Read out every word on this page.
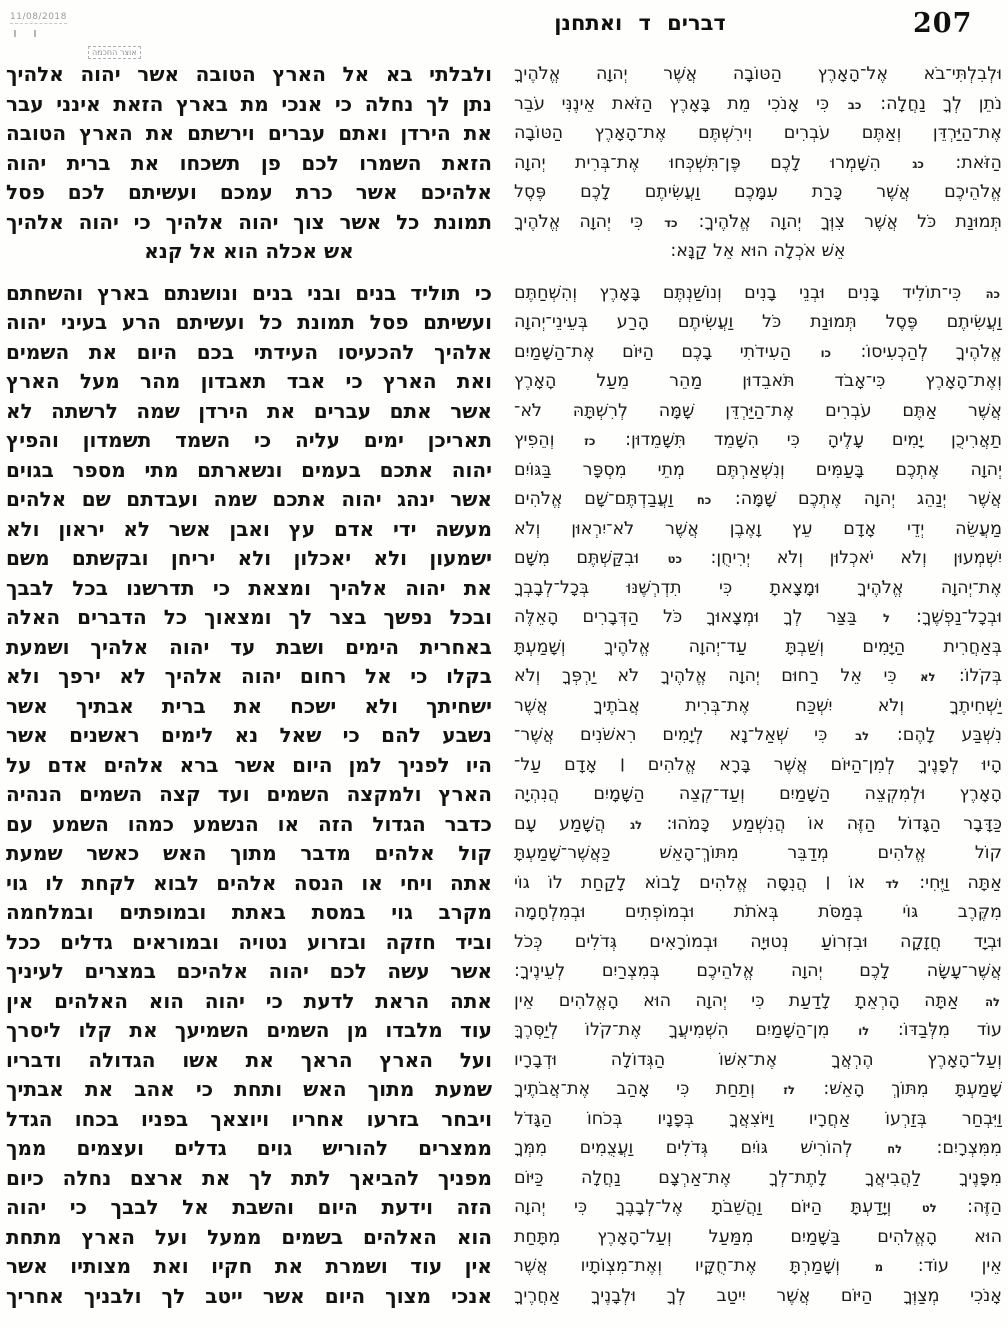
11/08/2018
אוצר החכמה
דברים ד ואתחנן	207
ולבלתי בא אל הארץ הטובה אשר יהוה אלהיך
נתן לך נחלה כי אנכי מת בארץ הזאת אינני עבר
את הירדן ואתם עברים וירשתם את הארץ הטובה
הזאת השמרו לכם פן תשכחו את ברית יהוה
אלהיכם אשר כרת עמכם ועשיתם לכם פסל
תמונת כל אשר צוך יהוה אלהיך כי יהוה אלהיך
אש אכלה הוא אל קנא
כי תוליד בנים ובני בנים ונושנתם בארץ והשחתם
ועשיתם פסל תמונת כל ועשיתם הרע בעיני יהוה
אלהיך להכעיסו העידתי בכם היום את השמים
ואת הארץ כי אבד תאבדון מהר מעל הארץ
אשר אתם עברים את הירדן שמה לרשתה לא
תאריכן ימים עליה כי השמד תשמדון והפיץ
יהוה אתכם בעמים ונשארתם מתי מספר בגוים
אשר ינהג יהוה אתכם שמה ועבדתם שם אלהים
מעשה ידי אדם עץ ואבן אשר לא יראון ולא
ישמעון ולא יאכלון ולא יריחן ובקשתם משם
את יהוה אלהיך ומצאת כי תדרשנו בכל לבבך
ובכל נפשך בצר לך ומצאוך כל הדברים האלה
באחרית הימים ושבת עד יהוה אלהיך ושמעת
בקלו כי אל רחום יהוה אלהיך לא ירפך ולא
ישחיתך ולא ישכח את ברית אבתיך אשר
נשבע להם כי שאל נא לימים ראשנים אשר
היו לפניך למן היום אשר ברא אלהים אדם על
הארץ ולמקצה השמים ועד קצה השמים הנהיה
כדבר הגדול הזה או הנשמע כמהו השמע עם
קול אלהים מדבר מתוך האש כאשר שמעת
אתה ויחי או הנסה אלהים לבוא לקחת לו גוי
מקרב גוי במסת באתת ובמופתים ובמלחמה
וביד חזקה ובזרוע נטויה ובמוראים גדלים ככל
אשר עשה לכם יהוה אלהיכם במצרים לעיניך
אתה הראת לדעת כי יהוה הוא האלהים אין
עוד מלבדו מן השמים השמיעך את קלו ליסרך
ועל הארץ הראך את אשו הגדולה ודבריו
שמעת מתוך האש ותחת כי אהב את אבתיך
ויבחר בזרעו אחריו ויוצאך בפניו בכחו הגדל
ממצרים להוריש גוים גדלים ועצמים ממך
מפניך להביאך לתת לך את ארצם נחלה כיום
הזה וידעת היום והשבת אל לבבך כי יהוה
הוא האלהים בשמים ממעל ועל הארץ מתחת
אין עוד ושמרת את חקיו ואת מצותיו אשר
אנכי מצוך היום אשר ייטב לך ולבניך אחריך
וּלְבִלְתִּי־בֹא אֶל־הָאָרֶץ הַטּוֹבָה אֲשֶׁר יְהוָה אֱלֹהֶיךָ
נֹתֵן לְךָ נַחֲלָה: כב כִּי אָנֹכִי מֵת בָּאָרֶץ הַזֹּאת אֵינֶנִּי עֹבֵר
אֶת־הַיַּרְדֵּן וְאַתֶּם עֹבְרִים וִירִשְׁתֶּם אֶת־הָאָרֶץ הַטּוֹבָה
הַזֹּאת: כג הִשָּׁמְרוּ לָכֶם פֶּן־תִּשְׁכְּחוּ אֶת־בְּרִית יְהוָה
אֱלֹהֵיכֶם אֲשֶׁר כָּרַת עִמָּכֶם וַעֲשִׂיתֶם לָכֶם פֶּסֶל
תְּמוּנַת כֹּל אֲשֶׁר צִוְּךָ יְהוָה אֱלֹהֶיךָ: כד כִּי יְהוָה אֱלֹהֶיךָ
אֵשׁ אֹכְלָה הוּא אֵל קַנָּא:
כה כִּי־תוֹלִיד בָּנִים וּבְנֵי בָנִים וְנוֹשַׁנְתֶּם בָּאָרֶץ וְהִשְׁחַתֶּם
וַעֲשִׂיתֶם פֶּסֶל תְּמוּנַת כֹּל וַעֲשִׂיתֶם הָרַע בְּעֵינֵי־יְהוָה
אֱלֹהֶיךָ לְהַכְעִיסוֹ: כו הַעִידֹתִי בָכֶם הַיּוֹם אֶת־הַשָּׁמַיִם
וְאֶת־הָאָרֶץ כִּי־אָבֹד תֹּאבֵדוּן מַהֵר מֵעַל הָאָרֶץ
אֲשֶׁר אַתֶּם עֹבְרִים אֶת־הַיַּרְדֵּן שָׁמָּה לְרִשְׁתָּהּ לֹא־
תַאֲרִיכֻן יָמִים עָלֶיהָ כִּי הִשָּׁמֵד תִּשָּׁמֵדוּן: כז וְהֵפִיץ
יְהוָה אֶתְכֶם בָּעַמִּים וְנִשְׁאַרְתֶּם מְתֵי מִסְפָּר בַּגּוֹיִם
אֲשֶׁר יְנַהֵג יְהוָה אֶתְכֶם שָׁמָּה: כח וַעֲבַדְתֶּם־שָׁם אֱלֹהִים
מַעֲשֵׂה יְדֵי אָדָם עֵץ וָאֶבֶן אֲשֶׁר לֹא־יִרְאוּן וְלֹא
יִשְׁמְעוּן וְלֹא יֹאכְלוּן וְלֹא יְרִיחֻן: כט וּבִקַּשְׁתֶּם מִשָּׁם
אֶת־יְהוָה אֱלֹהֶיךָ וּמָצָאתָ כִּי תִדְרְשֶׁנּוּ בְּכָל־לְבָבְךָ
וּבְכָל־נַפְשֶׁךָ: ל בַּצַּר לְךָ וּמְצָאוּךָ כֹּל הַדְּבָרִים הָאֵלֶּה
בְּאַחֲרִית הַיָּמִים וְשַׁבְתָּ עַד־יְהוָה אֱלֹהֶיךָ וְשָׁמַעְתָּ
בְּקֹלוֹ: לא כִּי אֵל רַחוּם יְהוָה אֱלֹהֶיךָ לֹא יַרְפְּךָ וְלֹא
יַשְׁחִיתֶךָ וְלֹא יִשְׁכַּח אֶת־בְּרִית אֲבֹתֶיךָ אֲשֶׁר
נִשְׁבַּע לָהֶם: לב כִּי שְׁאַל־נָא לְיָמִים רִאשֹׁנִים אֲשֶׁר־
הָיוּ לְפָנֶיךָ לְמִן־הַיּוֹם אֲשֶׁר בָּרָא אֱלֹהִים ׀ אָדָם עַל־
הָאָרֶץ וּלְמִקְצֵה הַשָּׁמַיִם וְעַד־קְצֵה הַשָּׁמָיִם הֲנִהְיָה
כַּדָּבָר הַגָּדוֹל הַזֶּה אוֹ הֲנִשְׁמַע כָּמֹהוּ: לג הֲשָׁמַע עָם
קוֹל אֱלֹהִים מְדַבֵּר מִתּוֹךְ־הָאֵשׁ כַּאֲשֶׁר־שָׁמַעְתָּ
אַתָּה וַיֶּחִי: לד אוֹ ׀ הֲנִסָּה אֱלֹהִים לָבוֹא לָקַחַת לוֹ גוֹי
מִקֶּרֶב גּוֹי בְּמַסֹּת בְּאֹתֹת וּבְמוֹפְתִים וּבְמִלְחָמָה
וּבְיָד חֲזָקָה וּבִזְרוֹעַ נְטוּיָה וּבְמוֹרָאִים גְּדֹלִים כְּכֹל
אֲשֶׁר־עָשָׂה לָכֶם יְהוָה אֱלֹהֵיכֶם בְּמִצְרַיִם לְעֵינֶיךָ:
לה אַתָּה הָרְאֵתָ לָדַעַת כִּי יְהוָה הוּא הָאֱלֹהִים אֵין
עוֹד מִלְּבַדּוֹ: לו מִן־הַשָּׁמַיִם הִשְׁמִיעֲךָ אֶת־קֹלוֹ לְיַסְּרֶךָּ
וְעַל־הָאָרֶץ הֶרְאֲךָ אֶת־אִשּׁוֹ הַגְּדוֹלָה וּדְבָרָיו
שָׁמַעְתָּ מִתּוֹךְ הָאֵשׁ: לז וְתַחַת כִּי אָהַב אֶת־אֲבֹתֶיךָ
וַיִּבְחַר בְּזַרְעוֹ אַחֲרָיו וַיּוֹצִאֲךָ בְּפָנָיו בְּכֹחוֹ הַגָּדֹל
מִמִּצְרָיִם: לח לְהוֹרִישׁ גּוֹיִם גְּדֹלִים וַעֲצֻמִים מִמְּךָ
מִפָּנֶיךָ לַהֲבִיאֲךָ לָתֶת־לְךָ אֶת־אַרְצָם נַחֲלָה כַּיּוֹם
הַזֶּה: לט וְיָדַעְתָּ הַיּוֹם וַהֲשֵׁבֹתָ אֶל־לְבָבֶךָ כִּי יְהוָה
הוּא הָאֱלֹהִים בַּשָּׁמַיִם מִמַּעַל וְעַל־הָאָרֶץ מִתָּחַת
אֵין עוֹד: מ וְשָׁמַרְתָּ אֶת־חֻקָּיו וְאֶת־מִצְוֹתָיו אֲשֶׁר
אָנֹכִי מְצַוְּךָ הַיּוֹם אֲשֶׁר יִיטַב לְךָ וּלְבָנֶיךָ אַחֲרֶיךָ
